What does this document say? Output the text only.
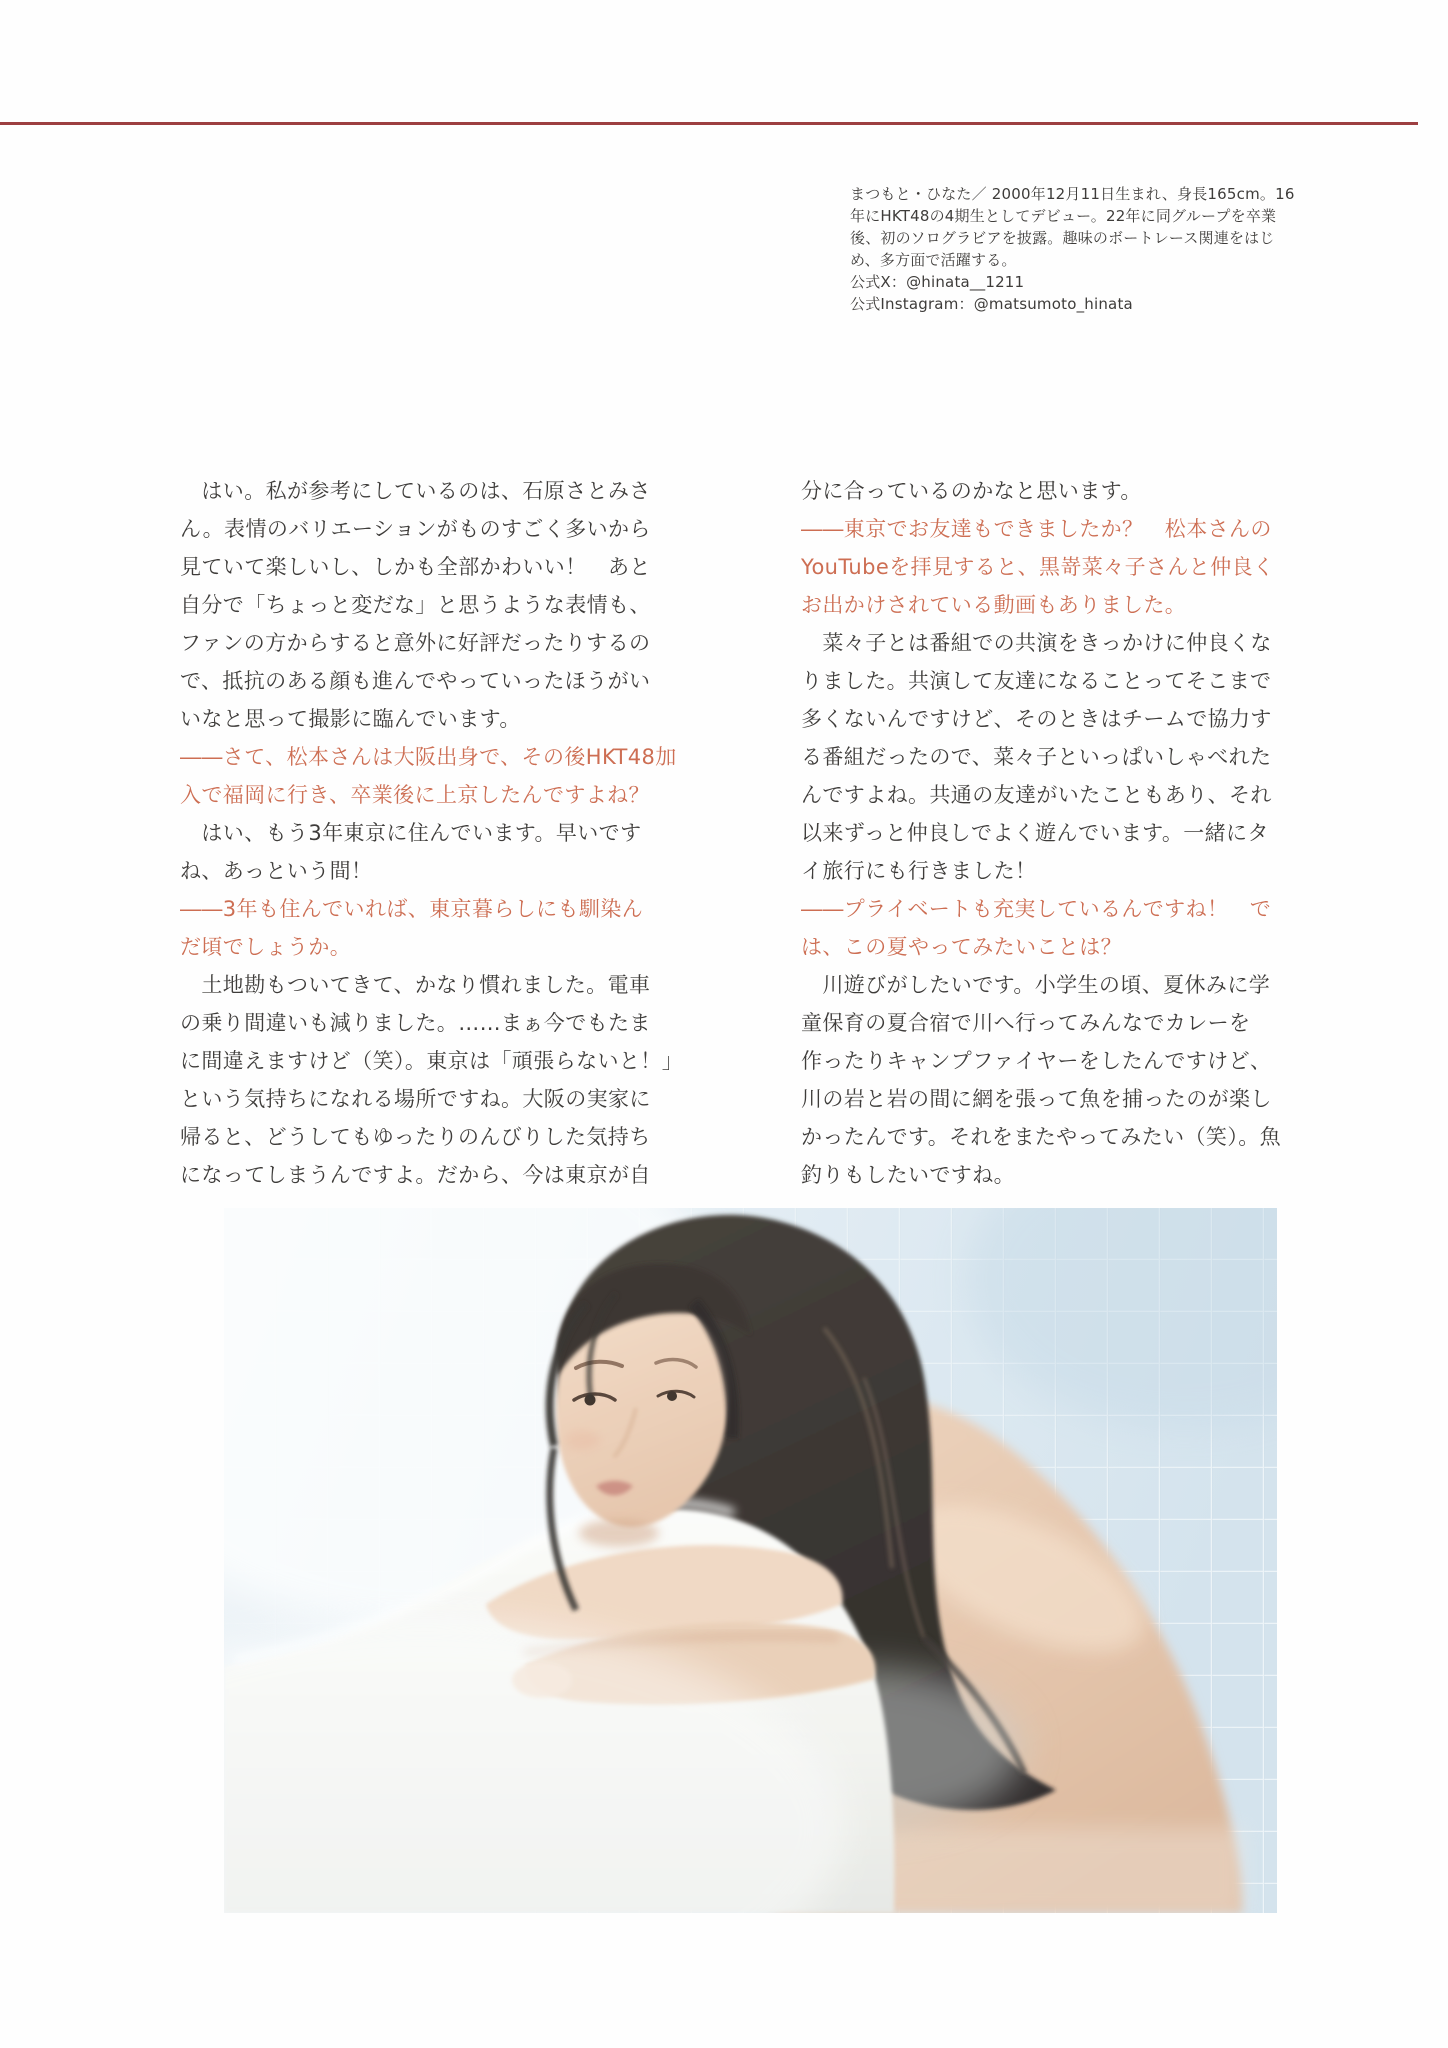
まつもと・ひなた／ 2000年12月11日生まれ、身長165cm。16
年にHKT48の4期生としてデビュー。22年に同グループを卒業
後、初のソログラビアを披露。趣味のボートレース関連をはじ
め、多方面で活躍する。
公式X：@hinata__1211
公式Instagram：@matsumoto_hinata
　はい。私が参考にしているのは、石原さとみさ
ん。表情のバリエーションがものすごく多いから
見ていて楽しいし、しかも全部かわいい！　あと
自分で「ちょっと変だな」と思うような表情も、
ファンの方からすると意外に好評だったりするの
で、抵抗のある顔も進んでやっていったほうがい
いなと思って撮影に臨んでいます。
――さて、松本さんは大阪出身で、その後HKT48加
入で福岡に行き、卒業後に上京したんですよね？
　はい、もう3年東京に住んでいます。早いです
ね、あっという間！
――3年も住んでいれば、東京暮らしにも馴染ん
だ頃でしょうか。
　土地勘もついてきて、かなり慣れました。電車
の乗り間違いも減りました。……まぁ今でもたま
に間違えますけど（笑）。東京は「頑張らないと！」
という気持ちになれる場所ですね。大阪の実家に
帰ると、どうしてもゆったりのんびりした気持ち
になってしまうんですよ。だから、今は東京が自
分に合っているのかなと思います。
――東京でお友達もできましたか？　松本さんの
YouTubeを拝見すると、黒嵜菜々子さんと仲良く
お出かけされている動画もありました。
　菜々子とは番組での共演をきっかけに仲良くな
りました。共演して友達になることってそこまで
多くないんですけど、そのときはチームで協力す
る番組だったので、菜々子といっぱいしゃべれた
んですよね。共通の友達がいたこともあり、それ
以来ずっと仲良しでよく遊んでいます。一緒にタ
イ旅行にも行きました！
――プライベートも充実しているんですね！　で
は、この夏やってみたいことは？
　川遊びがしたいです。小学生の頃、夏休みに学
童保育の夏合宿で川へ行ってみんなでカレーを
作ったりキャンプファイヤーをしたんですけど、
川の岩と岩の間に網を張って魚を捕ったのが楽し
かったんです。それをまたやってみたい（笑）。魚
釣りもしたいですね。
